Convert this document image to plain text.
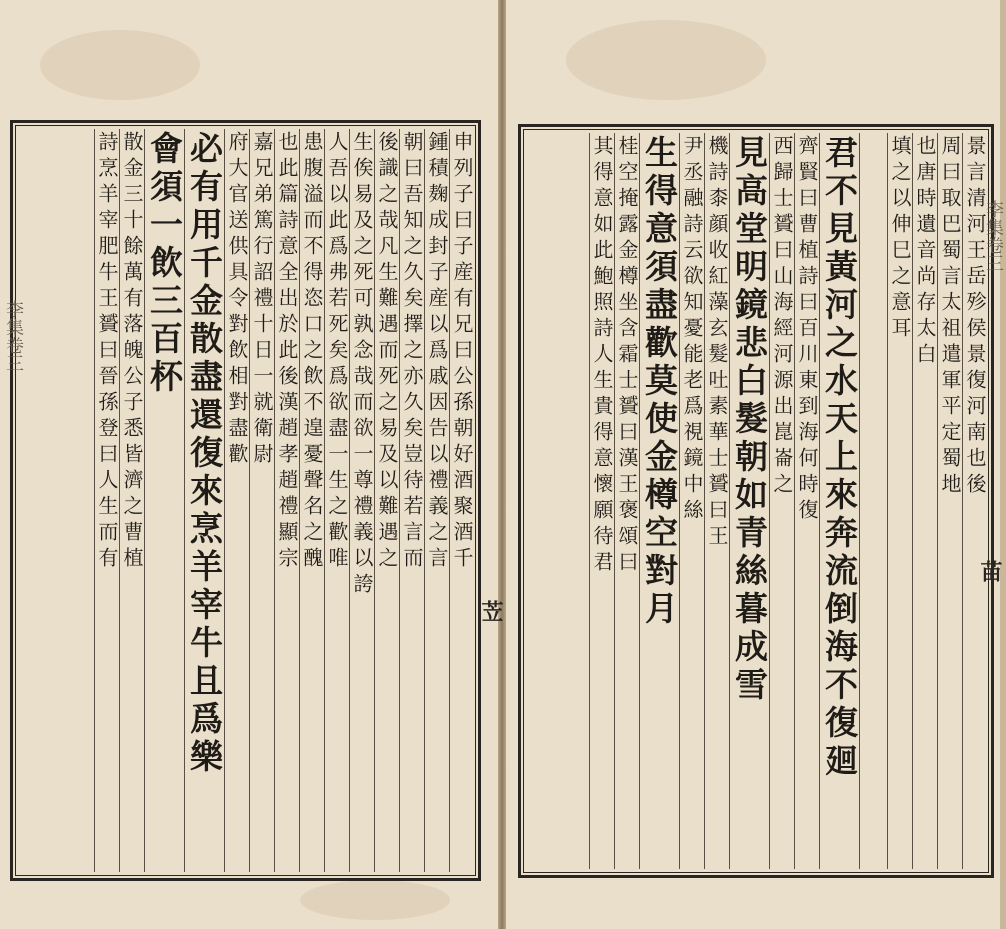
申列子曰子産有兄曰公孫朝好酒聚酒千
鍾積麹成封子産以爲戚因告以禮義之言
朝曰吾知之久矣擇之亦久矣豈待若言而
後識之哉凡生難遇而死之易及以難遇之
生俟易及之死可孰念哉而欲一尊禮義以誇
人吾以此爲弗若死矣爲欲盡一生之歡唯
患腹溢而不得恣口之飲不遑憂聲名之醜
也此篇詩意全出於此後漢趙孝趙禮顯宗
嘉兄弟篤行詔禮十日一就衛尉
府大官送供具令對飲相對盡歡
必有用千金散盡還復來烹羊宰牛且爲樂
會須一飲三百杯
散金三十餘萬有落魄公子悉皆濟之曹植
詩烹羊宰肥牛王贇曰晉孫登曰人生而有	景言清河王岳殄侯景復河南也後
周曰取巴蜀言太祖遣軍平定蜀地
也唐時遺音尚存太白
填之以伸巳之意耳
君不見黃河之水天上來奔流倒海不復廻
齊賢曰曹植詩曰百川東到海何時復
西歸士贇曰山海經河源出崑崙之
見高堂明鏡悲白髮朝如青絲暮成雪
機詩桼顔收紅藻玄髮吐素華士贇曰王
尹丞融詩云欲知憂能老爲視鏡中絲
生得意須盡歡莫使金樽空對月
桂空掩露金樽坐含霜士贇曰漢王褒頌曰
其得意如此鮑照詩人生貴得意懷願待君
李集卷三
苙
李集卷三
苗
